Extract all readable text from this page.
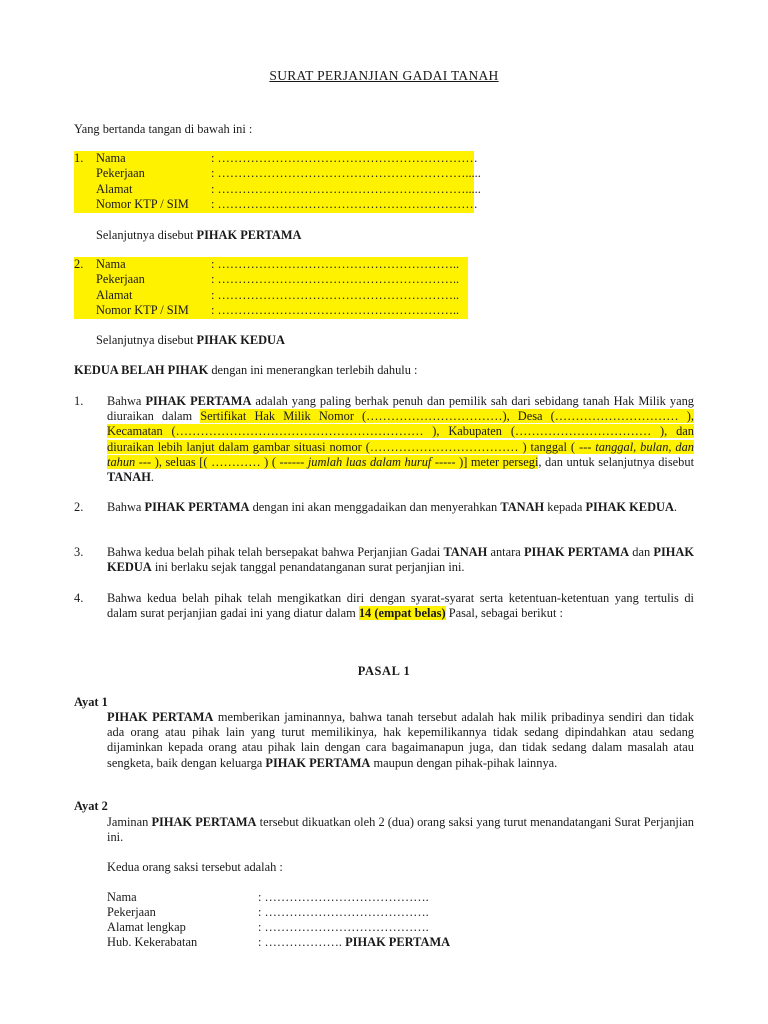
SURAT PERJANJIAN GADAI TANAH
Yang bertanda tangan di bawah ini :
1. Nama	: ………………………………………………………
Pekerjaan	: …………………………………………………….....
Alamat	: …………………………………………………….....
Nomor KTP / SIM : ………………………………………………………
Selanjutnya disebut PIHAK PERTAMA
2. Nama	: …………………………………………………..
Pekerjaan	: …………………………………………………..
Alamat	: …………………………………………………..
Nomor KTP / SIM : …………………………………………………..
Selanjutnya disebut PIHAK KEDUA
KEDUA BELAH PIHAK dengan ini menerangkan terlebih dahulu :
1. Bahwa PIHAK PERTAMA adalah yang paling berhak penuh dan pemilik sah dari sebidang tanah Hak Milik yang diuraikan dalam Sertifikat Hak Milik Nomor (……………………………), Desa (………………………… ), Kecamatan (…………………………………………………… ), Kabupaten (…………………………… ), dan diuraikan lebih lanjut dalam gambar situasi nomor (……………………………… ) tanggal ( --- tanggal, bulan, dan tahun --- ), seluas [( ………… ) ( ------ jumlah luas dalam huruf ----- )] meter persegi, dan untuk selanjutnya disebut TANAH.
2. Bahwa PIHAK PERTAMA dengan ini akan menggadaikan dan menyerahkan TANAH kepada PIHAK KEDUA.
3. Bahwa kedua belah pihak telah bersepakat bahwa Perjanjian Gadai TANAH antara PIHAK PERTAMA dan PIHAK KEDUA ini berlaku sejak tanggal penandatanganan surat perjanjian ini.
4. Bahwa kedua belah pihak telah mengikatkan diri dengan syarat-syarat serta ketentuan-ketentuan yang tertulis di dalam surat perjanjian gadai ini yang diatur dalam 14 (empat belas) Pasal, sebagai berikut :
PASAL 1
Ayat 1
PIHAK PERTAMA memberikan jaminannya, bahwa tanah tersebut adalah hak milik pribadinya sendiri dan tidak ada orang atau pihak lain yang turut memilikinya, hak kepemilikannya tidak sedang dipindahkan atau sedang dijaminkan kepada orang atau pihak lain dengan cara bagaimanapun juga, dan tidak sedang dalam masalah atau sengketa, baik dengan keluarga PIHAK PERTAMA maupun dengan pihak-pihak lainnya.
Ayat 2
Jaminan PIHAK PERTAMA tersebut dikuatkan oleh 2 (dua) orang saksi yang turut menandatangani Surat Perjanjian ini.
Kedua orang saksi tersebut adalah :
Nama	: ………………………………….
Pekerjaan	: ………………………………….
Alamat lengkap	: ………………………………….
Hub. Kekerabatan	: ………………. PIHAK PERTAMA
